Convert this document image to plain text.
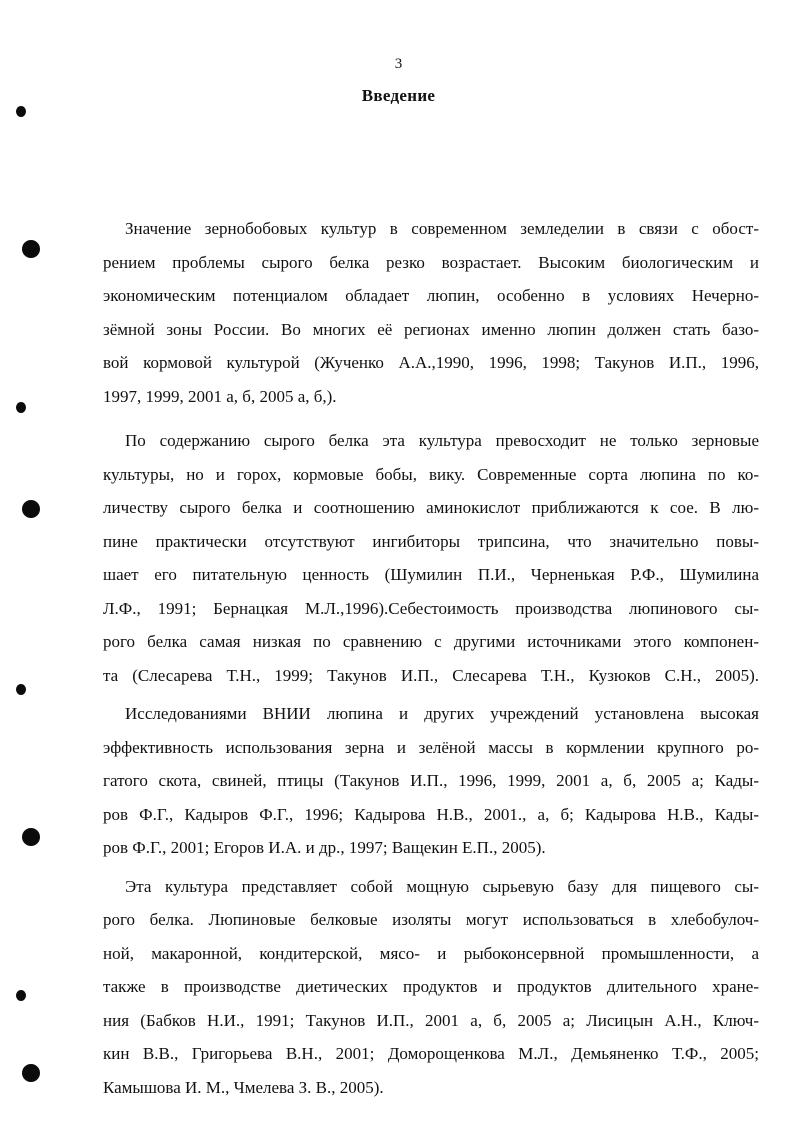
3
Введение
Значение зернобобовых культур в современном земледелии в связи с обост-
рением проблемы сырого белка резко возрастает. Высоким биологическим и
экономическим потенциалом обладает люпин, особенно в условиях Нечерно-
зёмной зоны России. Во многих её регионах именно люпин должен стать базо-
вой кормовой культурой (Жученко А.А.,1990, 1996, 1998; Такунов И.П., 1996,
1997, 1999, 2001 а, б, 2005 а, б,).
По содержанию сырого белка эта культура превосходит не только зерновые
культуры, но и горох, кормовые бобы, вику. Современные сорта люпина по ко-
личеству сырого белка и соотношению аминокислот приближаются к сое. В лю-
пине практически отсутствуют ингибиторы трипсина, что значительно повы-
шает его питательную ценность (Шумилин П.И., Черненькая Р.Ф., Шумилина
Л.Ф., 1991; Бернацкая М.Л.,1996).Себестоимость производства люпинового сы-
рого белка самая низкая по сравнению с другими источниками этого компонен-
та (Слесарева Т.Н., 1999; Такунов И.П., Слесарева Т.Н., Кузюков С.Н., 2005).
Исследованиями ВНИИ люпина и других учреждений установлена высокая
эффективность использования зерна и зелёной массы в кормлении крупного ро-
гатого скота, свиней, птицы (Такунов И.П., 1996, 1999, 2001 а, б, 2005 а; Кады-
ров Ф.Г., Кадыров Ф.Г., 1996; Кадырова Н.В., 2001., а, б; Кадырова Н.В., Кады-
ров Ф.Г., 2001; Егоров И.А. и др., 1997; Ващекин Е.П., 2005).
Эта культура представляет собой мощную сырьевую базу для пищевого сы-
рого белка. Люпиновые белковые изоляты могут использоваться в хлебобулоч-
ной, макаронной, кондитерской, мясо- и рыбоконсервной промышленности, а
также в производстве диетических продуктов и продуктов длительного хране-
ния (Бабков Н.И., 1991; Такунов И.П., 2001 а, б, 2005 а; Лисицын А.Н., Ключ-
кин В.В., Григорьева В.Н., 2001; Доморощенкова М.Л., Демьяненко Т.Ф., 2005;
Камышова И. М., Чмелева З. В., 2005).
